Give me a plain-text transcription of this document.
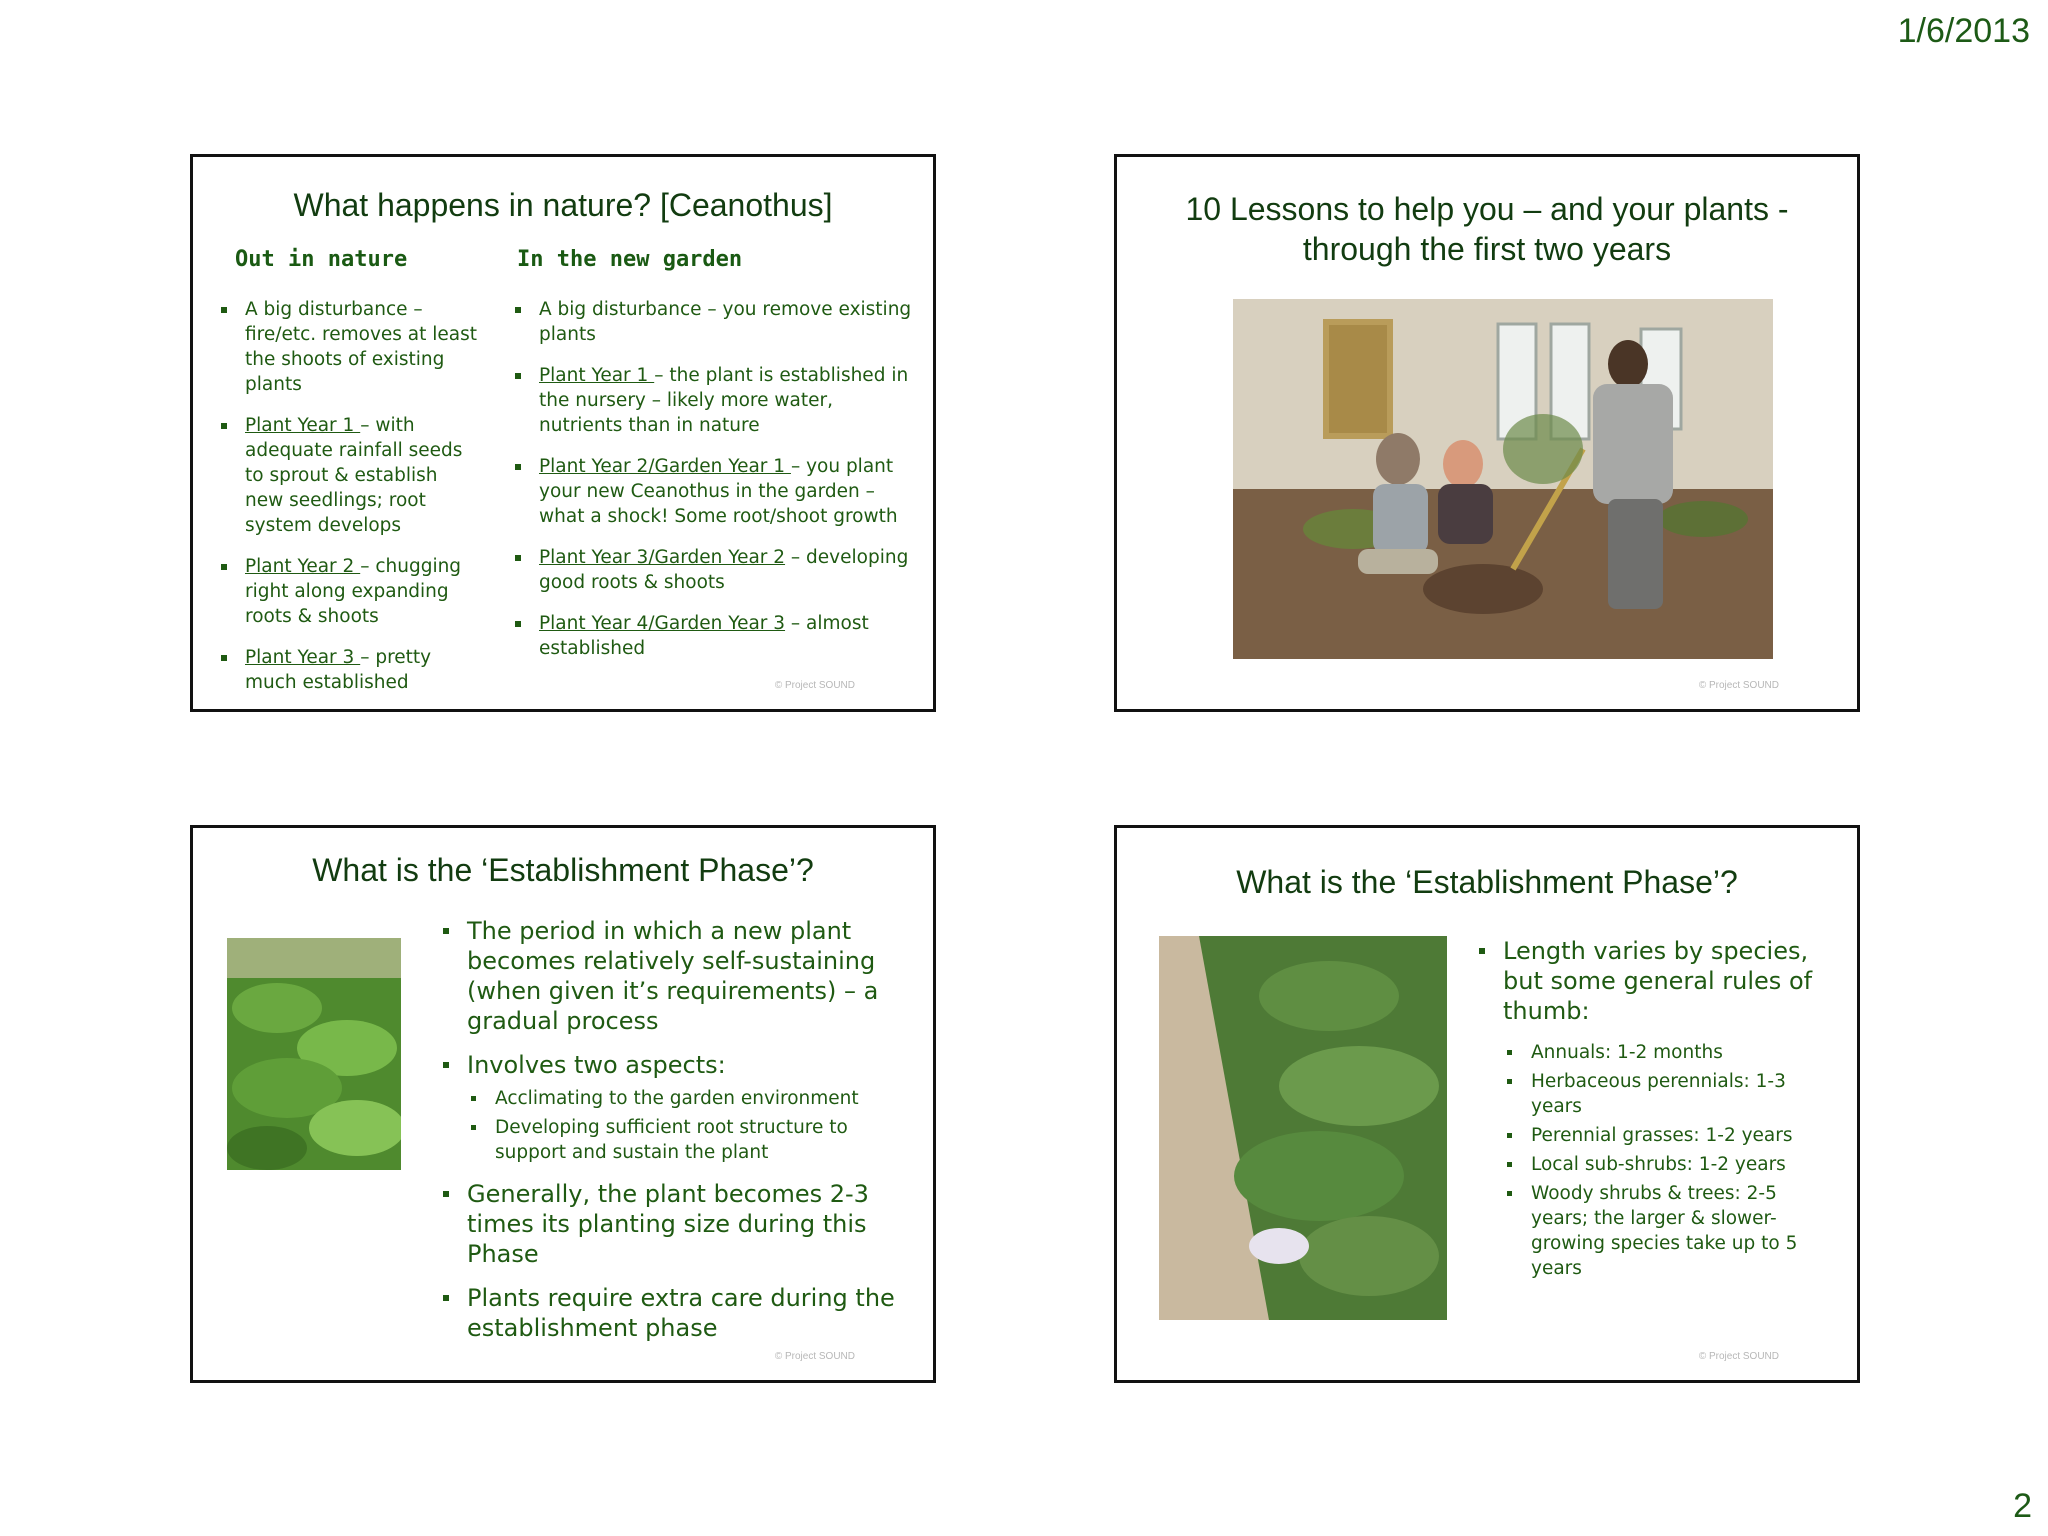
1/6/2013
What happens in nature? [Ceanothus]
Out in nature	In the new garden
A big disturbance – fire/etc. removes at least the shoots of existing plants
Plant Year 1 – with adequate rainfall seeds to sprout & establish new seedlings; root system develops
Plant Year 2 – chugging right along expanding roots & shoots
Plant Year 3 – pretty much established
A big disturbance – you remove existing plants
Plant Year 1 – the plant is established in the nursery – likely more water, nutrients than in nature
Plant Year 2/Garden Year 1 – you plant your new Ceanothus in the garden – what a shock! Some root/shoot growth
Plant Year 3/Garden Year 2 – developing good roots & shoots
Plant Year 4/Garden Year 3 – almost established
© Project SOUND
10 Lessons to help you – and your plants -
through the first two years
© Project SOUND
What is the ‘Establishment Phase’?
The period in which a new plant becomes relatively self-sustaining (when given it’s requirements) – a gradual process
Involves two aspects:
Acclimating to the garden environment
Developing sufficient root structure to support and sustain the plant
Generally, the plant becomes 2-3 times its planting size during this Phase
Plants require extra care during the establishment phase
© Project SOUND
What is the ‘Establishment Phase’?
Length varies by species, but some general rules of thumb:
Annuals: 1-2 months
Herbaceous perennials: 1-3 years
Perennial grasses: 1-2 years
Local sub-shrubs: 1-2 years
Woody shrubs & trees: 2-5 years; the larger & slower-growing species take up to 5 years
© Project SOUND
2
